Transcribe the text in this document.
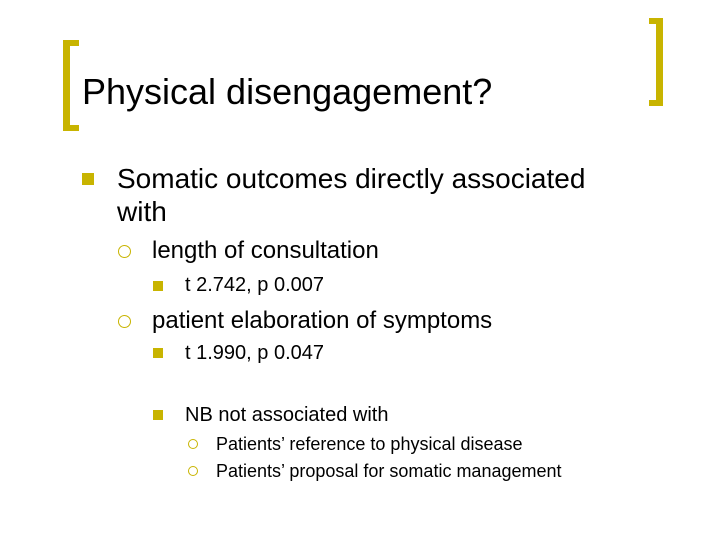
Physical disengagement?
Somatic outcomes directly associated
with
length of consultation
t 2.742, p 0.007
patient elaboration of symptoms
t 1.990, p 0.047
NB not associated with
Patients’ reference to physical disease
Patients’ proposal for somatic management
